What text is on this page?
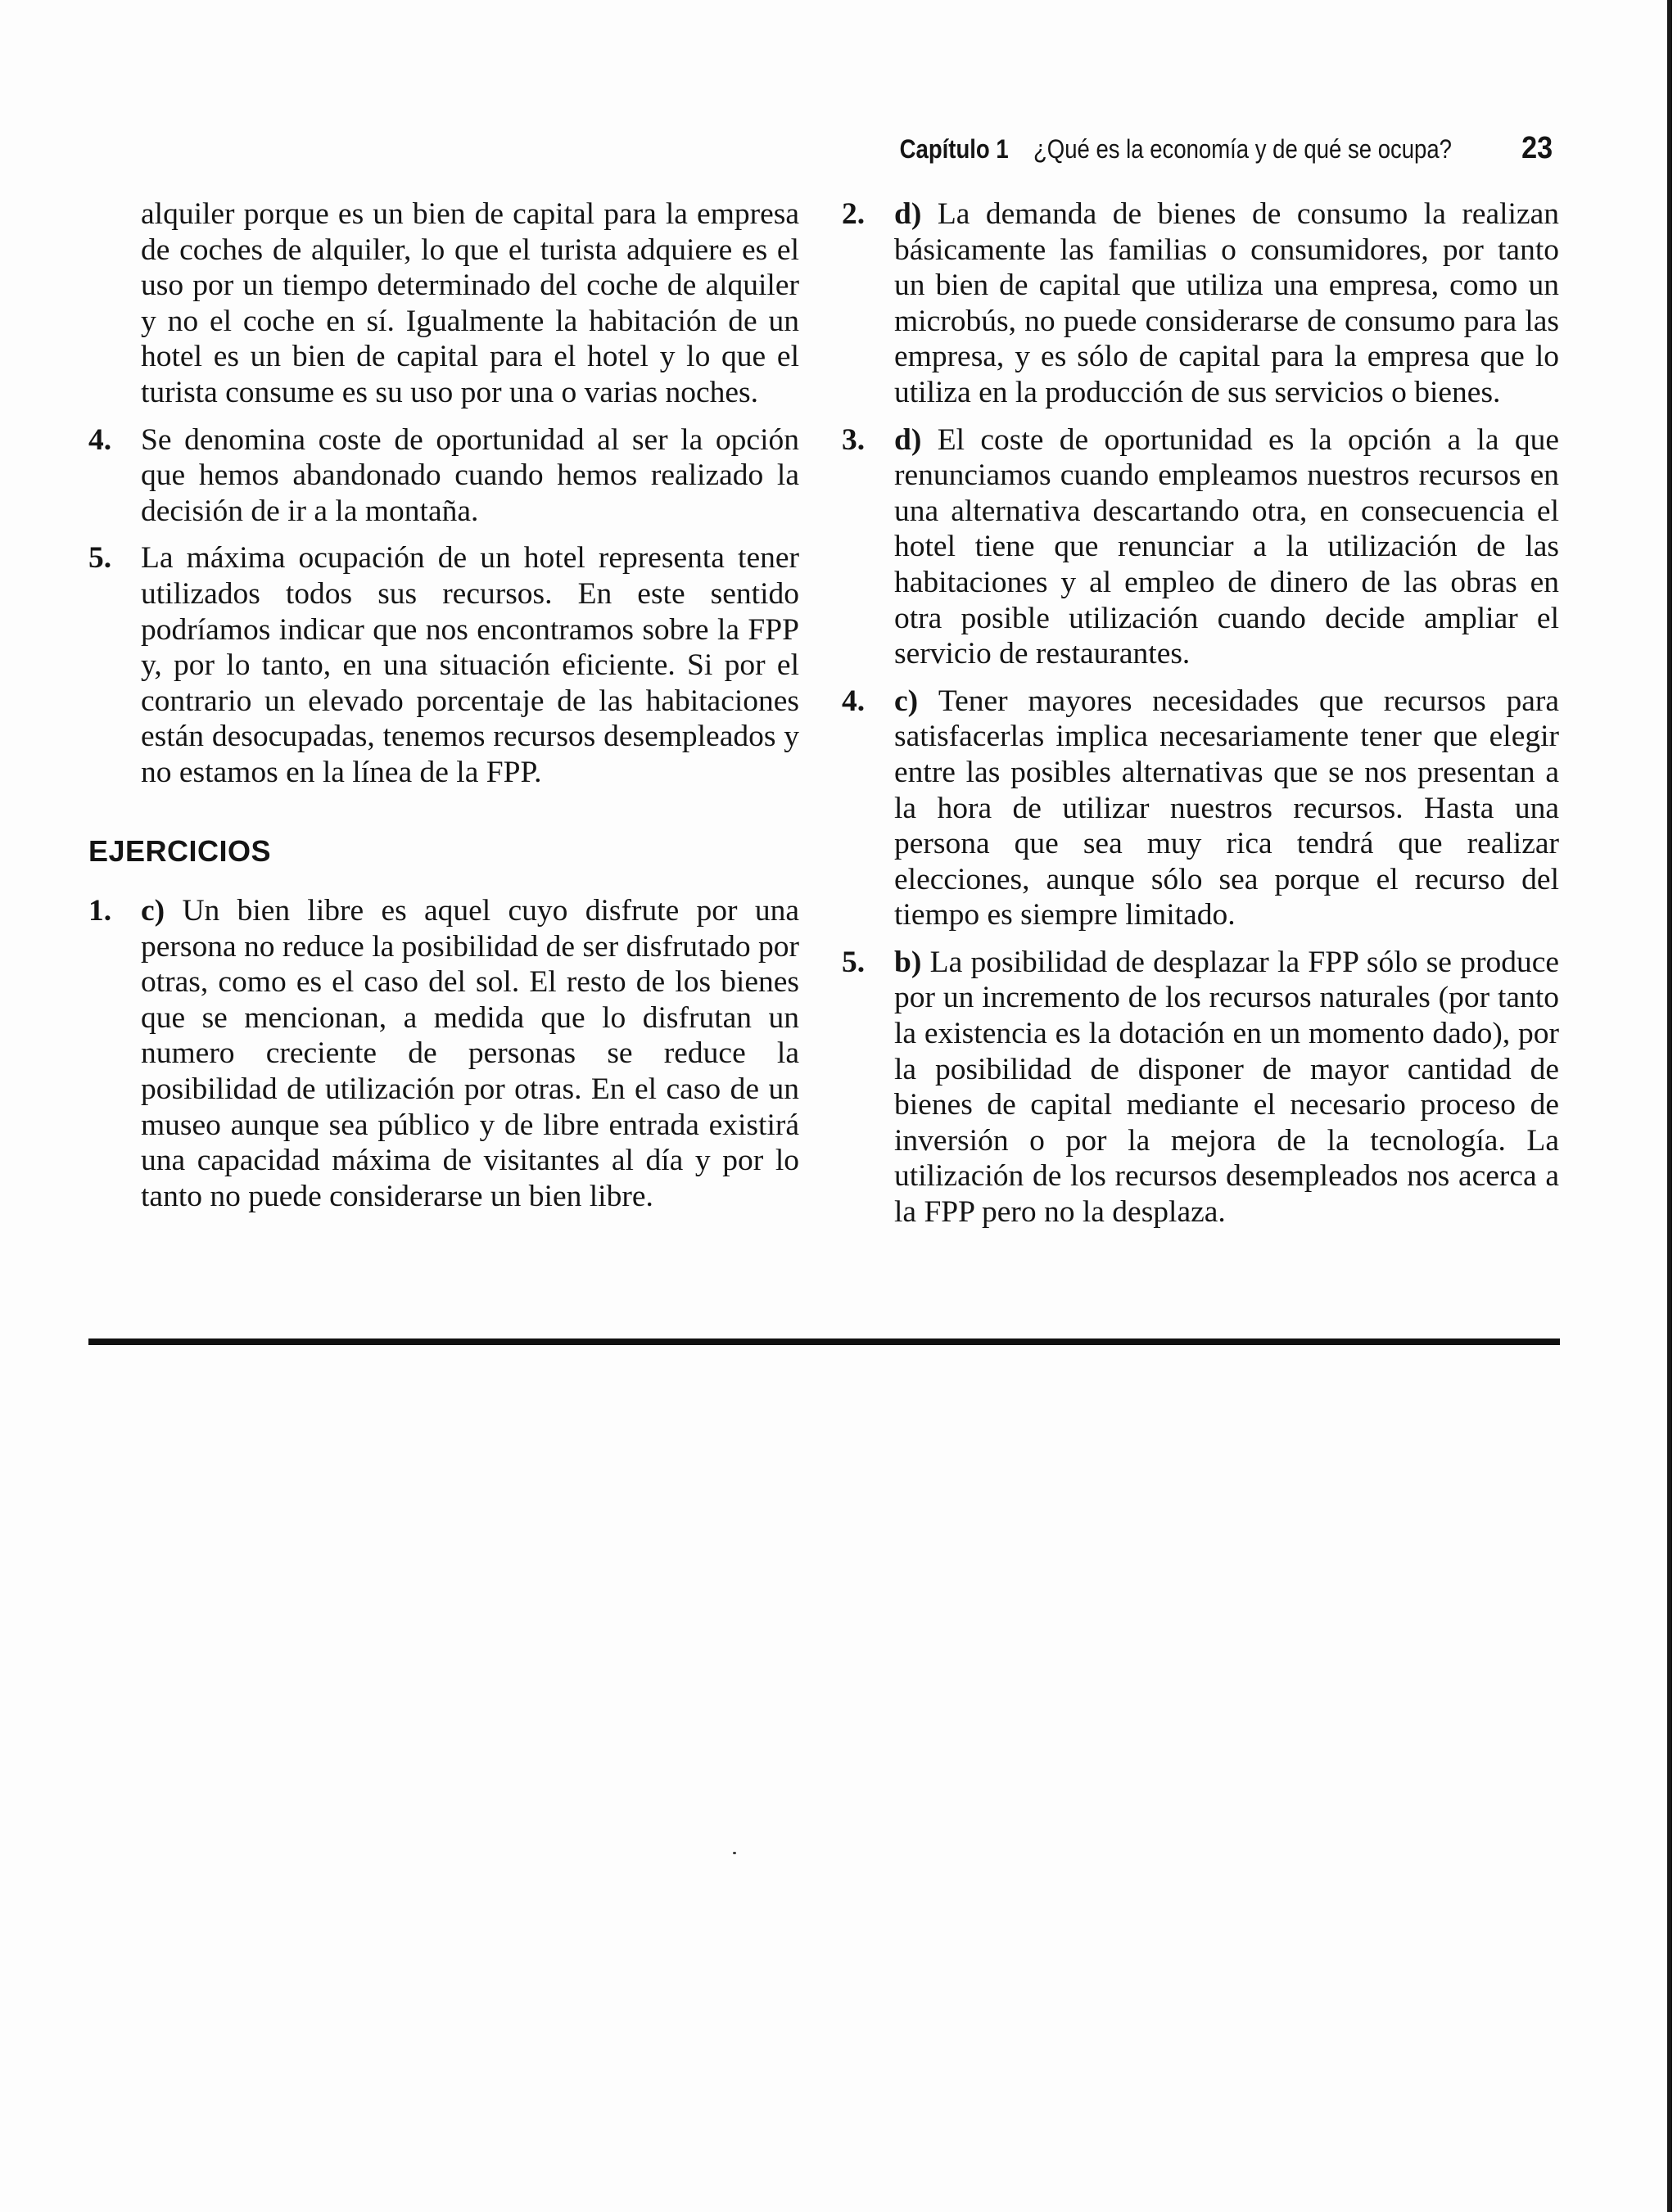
Capítulo 1 ¿Qué es la economía y de qué se ocupa? 23

alquiler porque es un bien de capital para la empresa de coches de alquiler, lo que el turista adquiere es el uso por un tiempo determinado del coche de alquiler y no el coche en sí. Igualmente la habitación de un hotel es un bien de capital para el hotel y lo que el turista consume es su uso por una o varias noches.

4. Se denomina coste de oportunidad al ser la opción que hemos abandonado cuando hemos realizado la decisión de ir a la montaña.
5. La máxima ocupación de un hotel representa tener utilizados todos sus recursos. En este sentido podríamos indicar que nos encontramos sobre la FPP y, por lo tanto, en una situación eficiente. Si por el contrario un elevado porcentaje de las habitaciones están desocupadas, tenemos recursos desempleados y no estamos en la línea de la FPP.
EJERCICIOS
1. c) Un bien libre es aquel cuyo disfrute por una persona no reduce la posibilidad de ser disfrutado por otras, como es el caso del sol. El resto de los bienes que se mencionan, a medida que lo disfrutan un numero creciente de personas se reduce la posibilidad de utilización por otras. En el caso de un museo aunque sea público y de libre entrada existirá una capacidad máxima de visitantes al día y por lo tanto no puede considerarse un bien libre.
2. d) La demanda de bienes de consumo la realizan básicamente las familias o consumidores, por tanto un bien de capital que utiliza una empresa, como un microbús, no puede considerarse de consumo para las empresa, y es sólo de capital para la empresa que lo utiliza en la producción de sus servicios o bienes.
3. d) El coste de oportunidad es la opción a la que renunciamos cuando empleamos nuestros recursos en una alternativa descartando otra, en consecuencia el hotel tiene que renunciar a la utilización de las habitaciones y al empleo de dinero de las obras en otra posible utilización cuando decide ampliar el servicio de restaurantes.
4. c) Tener mayores necesidades que recursos para satisfacerlas implica necesariamente tener que elegir entre las posibles alternativas que se nos presentan a la hora de utilizar nuestros recursos. Hasta una persona que sea muy rica tendrá que realizar elecciones, aunque sólo sea porque el recurso del tiempo es siempre limitado.
5. b) La posibilidad de desplazar la FPP sólo se produce por un incremento de los recursos naturales (por tanto la existencia es la dotación en un momento dado), por la posibilidad de disponer de mayor cantidad de bienes de capital mediante el necesario proceso de inversión o por la mejora de la tecnología. La utilización de los recursos desempleados nos acerca a la FPP pero no la desplaza.
